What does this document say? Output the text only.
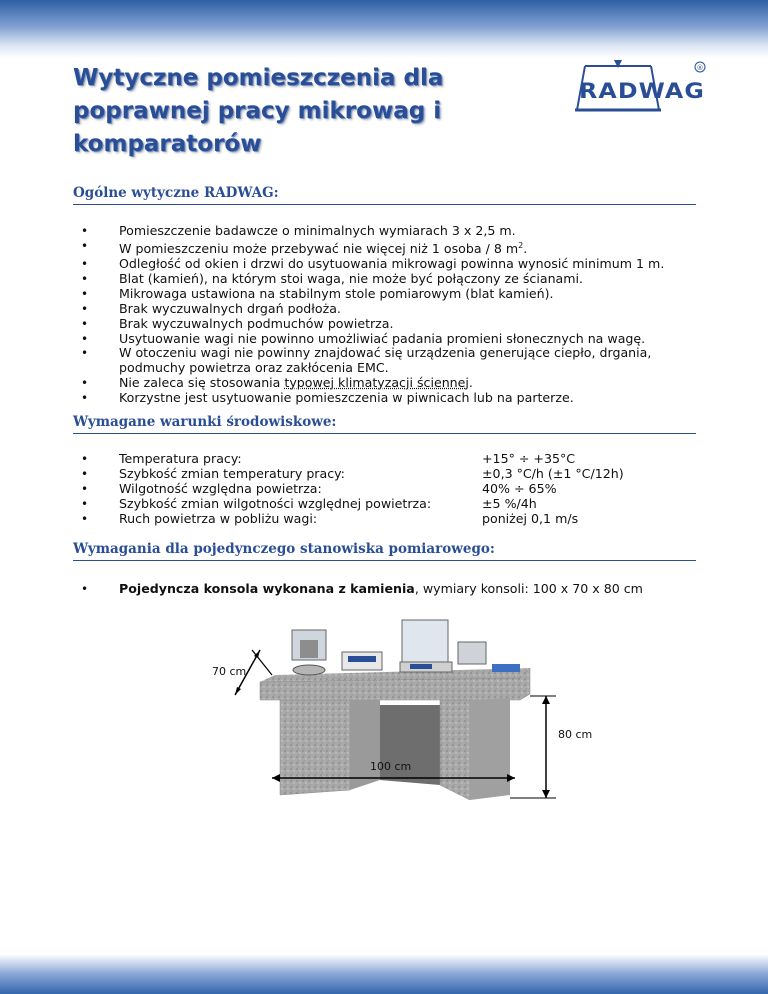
Wytyczne pomieszczenia dla
poprawnej pracy mikrowag i
komparatorów
®
RADWAG
Ogólne wytyczne RADWAG:
• Pomieszczenie badawcze o minimalnych wymiarach 3 x 2,5 m.
• W pomieszczeniu może przebywać nie więcej niż 1 osoba / 8 $m^2$.
• Odległość od okien i drzwi do usytuowania mikrowagi powinna wynosić minimum 1 m.
• Blat (kamień), na którym stoi waga, nie może być połączony ze ścianami.
• Mikrowaga ustawiona na stabilnym stole pomiarowym (blat kamień).
• Brak wyczuwalnych drgań podłoża.
• Brak wyczuwalnych podmuchów powietrza.
• Usytuowanie wagi nie powinno umożliwiać padania promieni słonecznych na wagę.
• W otoczeniu wagi nie powinny znajdować się urządzenia generujące ciepło, drgania,
podmuchy powietrza oraz zakłócenia EMC.
• Nie zaleca się stosowania typowej klimatyzacji ściennej.
• Korzystne jest usytuowanie pomieszczenia w piwnicach lub na parterze.
Wymagane warunki środowiskowe:
• Temperatura pracy:	+15° ÷ +35°C
• Szybkość zmian temperatury pracy:	±0,3 °C/h (±1 °C/12h)
• Wilgotność względna powietrza:	40% ÷ 65%
• Szybkość zmian wilgotności względnej powietrza:	±5 %/4h
• Ruch powietrza w pobliżu wagi:	poniżej 0,1 m/s
Wymagania dla pojedynczego stanowiska pomiarowego:
• Pojedyncza konsola wykonana z kamienia, wymiary konsoli: 100 x 70 x 80 cm
70 cm
80 cm
100 cm
